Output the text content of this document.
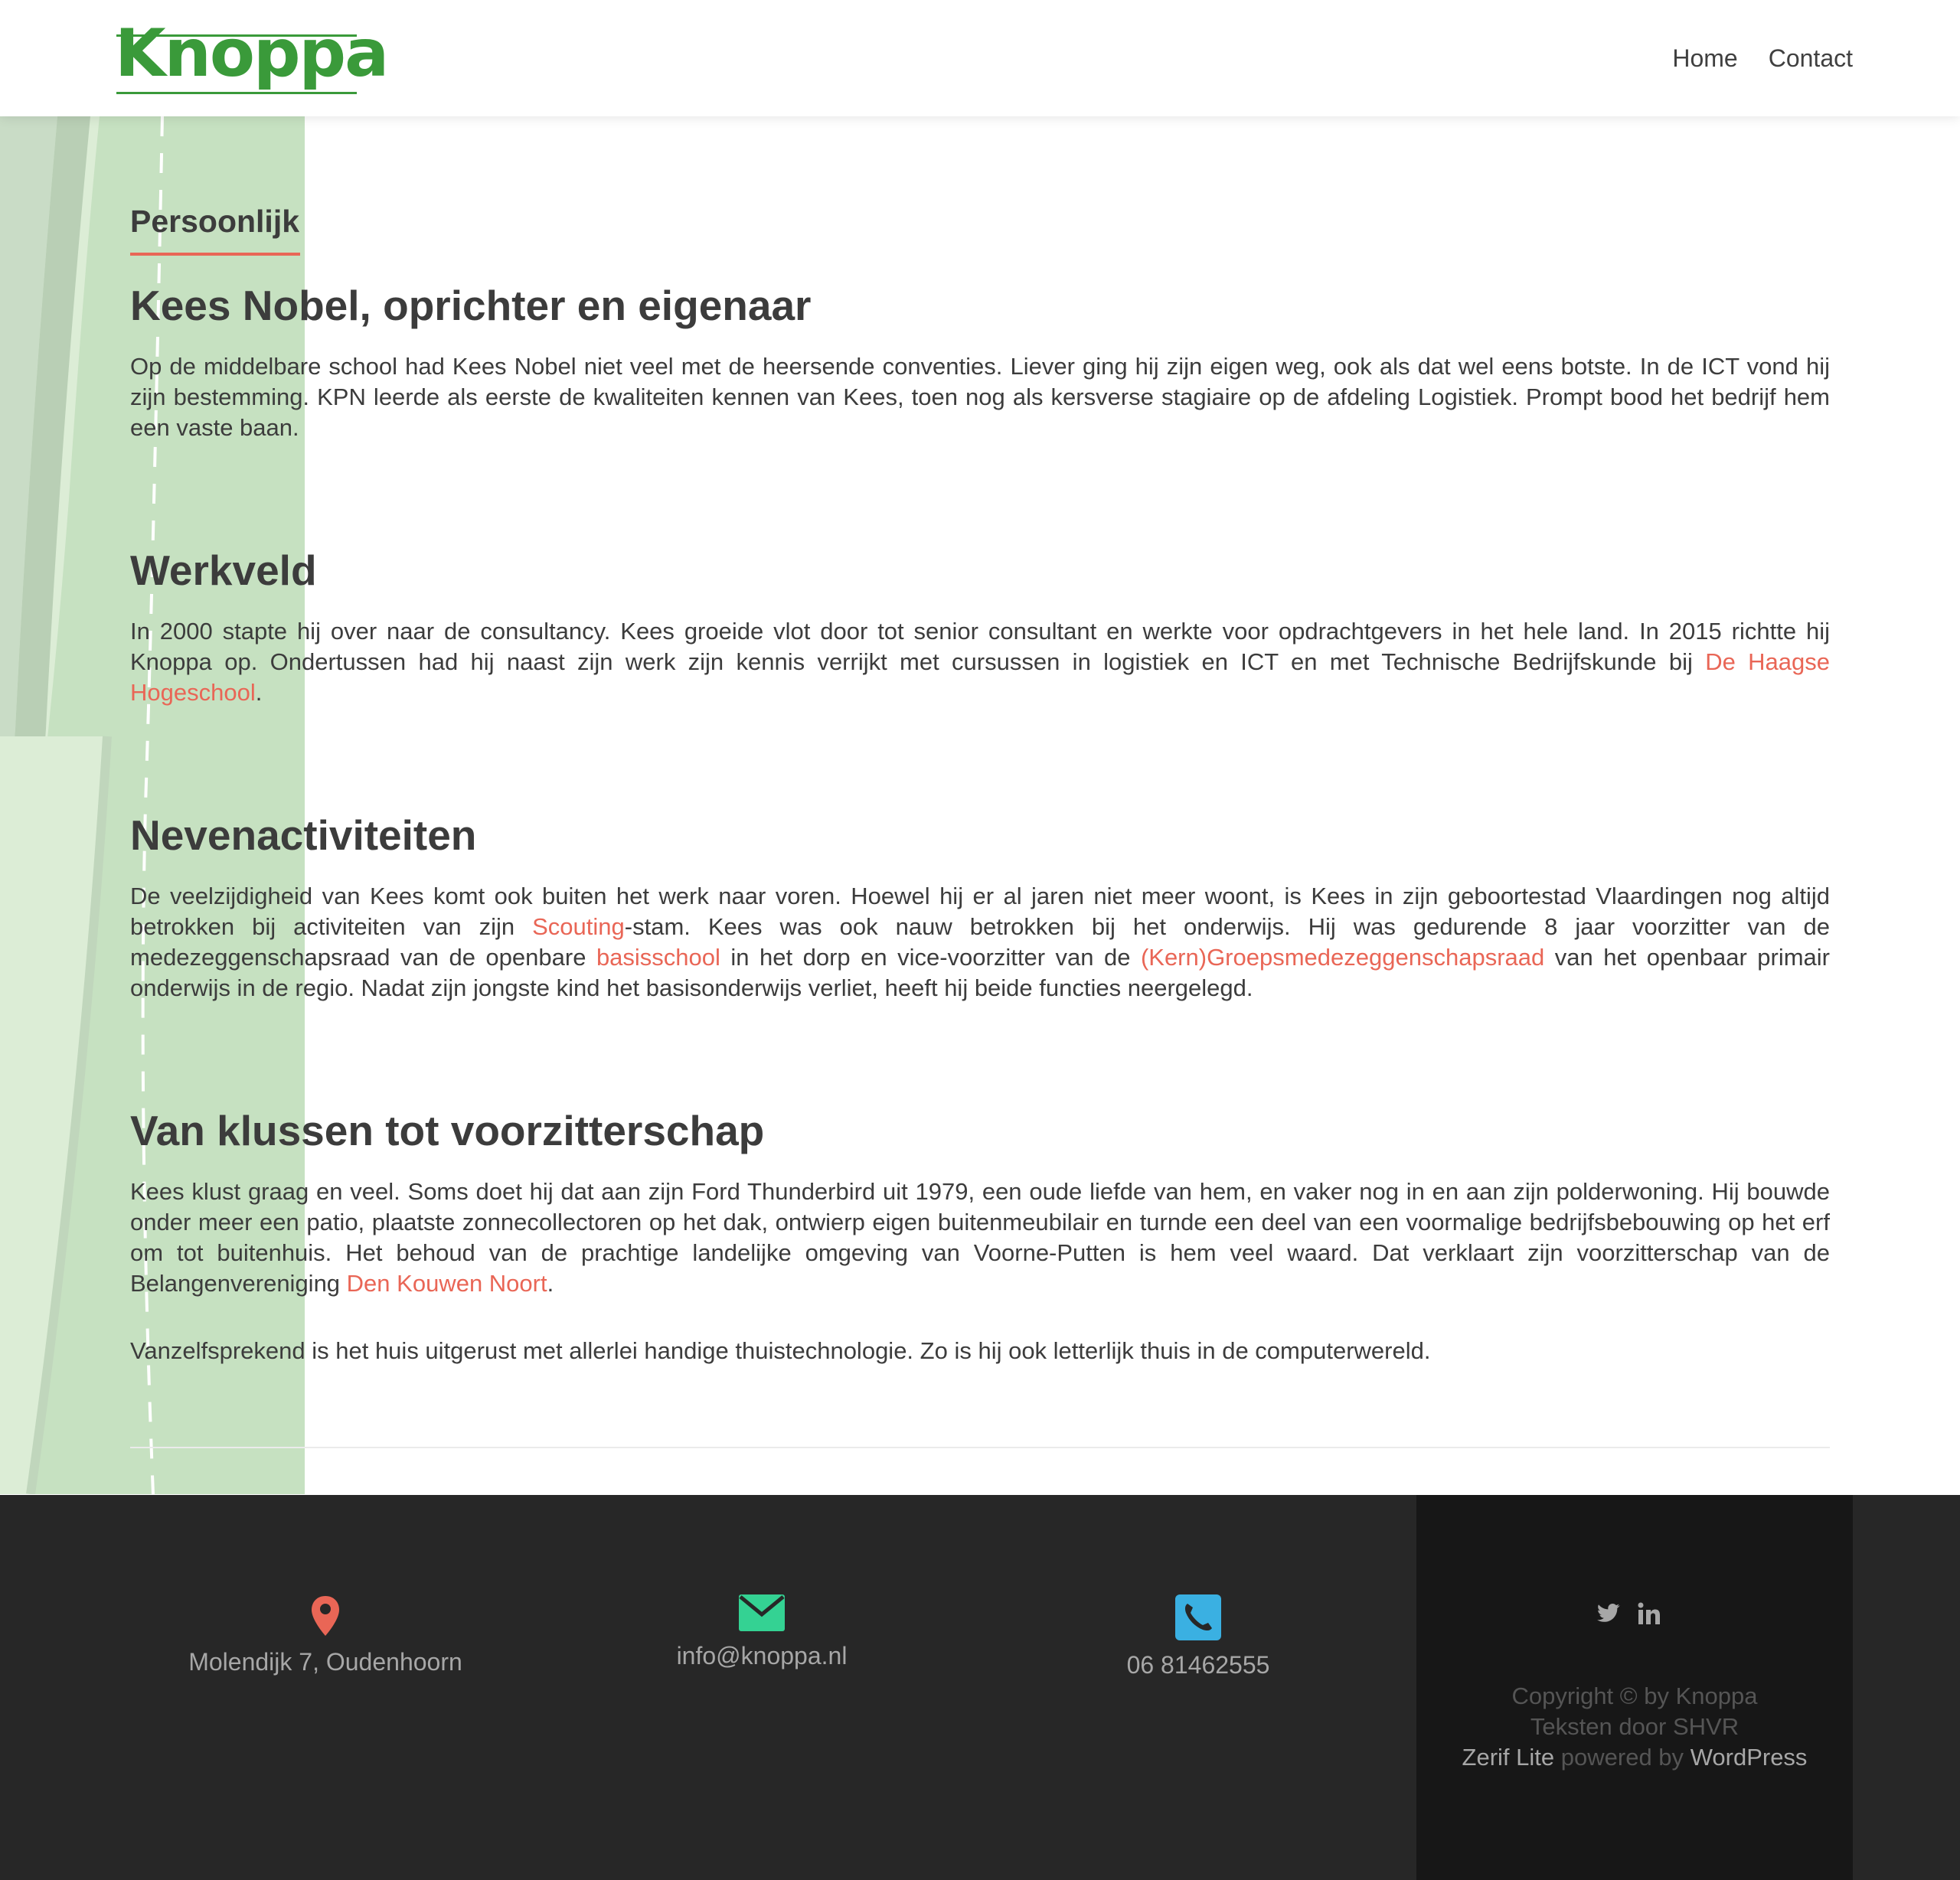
Knoppa	Home Contact
Persoonlijk
Kees Nobel, oprichter en eigenaar

Op de middelbare school had Kees Nobel niet veel met de heersende conventies. Liever ging hij zijn eigen weg, ook als dat wel eens botste. In de ICT vond hij zijn bestemming. KPN leerde als eerste de kwaliteiten kennen van Kees, toen nog als kersverse stagiaire op de afdeling Logistiek. Prompt bood het bedrijf hem een vaste baan.

Werkveld

In 2000 stapte hij over naar de consultancy. Kees groeide vlot door tot senior consultant en werkte voor opdrachtgevers in het hele land. In 2015 richtte hij Knoppa op. Ondertussen had hij naast zijn werk zijn kennis verrijkt met cursussen in logistiek en ICT en met Technische Bedrijfskunde bij De Haagse Hogeschool.

Nevenactiviteiten

De veelzijdigheid van Kees komt ook buiten het werk naar voren. Hoewel hij er al jaren niet meer woont, is Kees in zijn geboortestad Vlaardingen nog altijd betrokken bij activiteiten van zijn Scouting-stam. Kees was ook nauw betrokken bij het onderwijs. Hij was gedurende 8 jaar voorzitter van de medezeggenschapsraad van de openbare basisschool in het dorp en vice-voorzitter van de (Kern)Groepsmedezeggenschapsraad van het openbaar primair onderwijs in de regio. Nadat zijn jongste kind het basisonderwijs verliet, heeft hij beide functies neergelegd.

Van klussen tot voorzitterschap

Kees klust graag en veel. Soms doet hij dat aan zijn Ford Thunderbird uit 1979, een oude liefde van hem, en vaker nog in en aan zijn polderwoning. Hij bouwde onder meer een patio, plaatste zonnecollectoren op het dak, ontwierp eigen buitenmeubilair en turnde een deel van een voormalige bedrijfsbebouwing op het erf om tot buitenhuis. Het behoud van de prachtige landelijke omgeving van Voorne-Putten is hem veel waard. Dat verklaart zijn voorzitterschap van de Belangenvereniging Den Kouwen Noort.

Vanzelfsprekend is het huis uitgerust met allerlei handige thuistechnologie. Zo is hij ook letterlijk thuis in de computerwereld.

Molendijk 7, Oudenhoorn	info@knoppa.nl	06 81462555
Copyright © by Knoppa
Teksten door SHVR
Zerif Lite powered by WordPress
